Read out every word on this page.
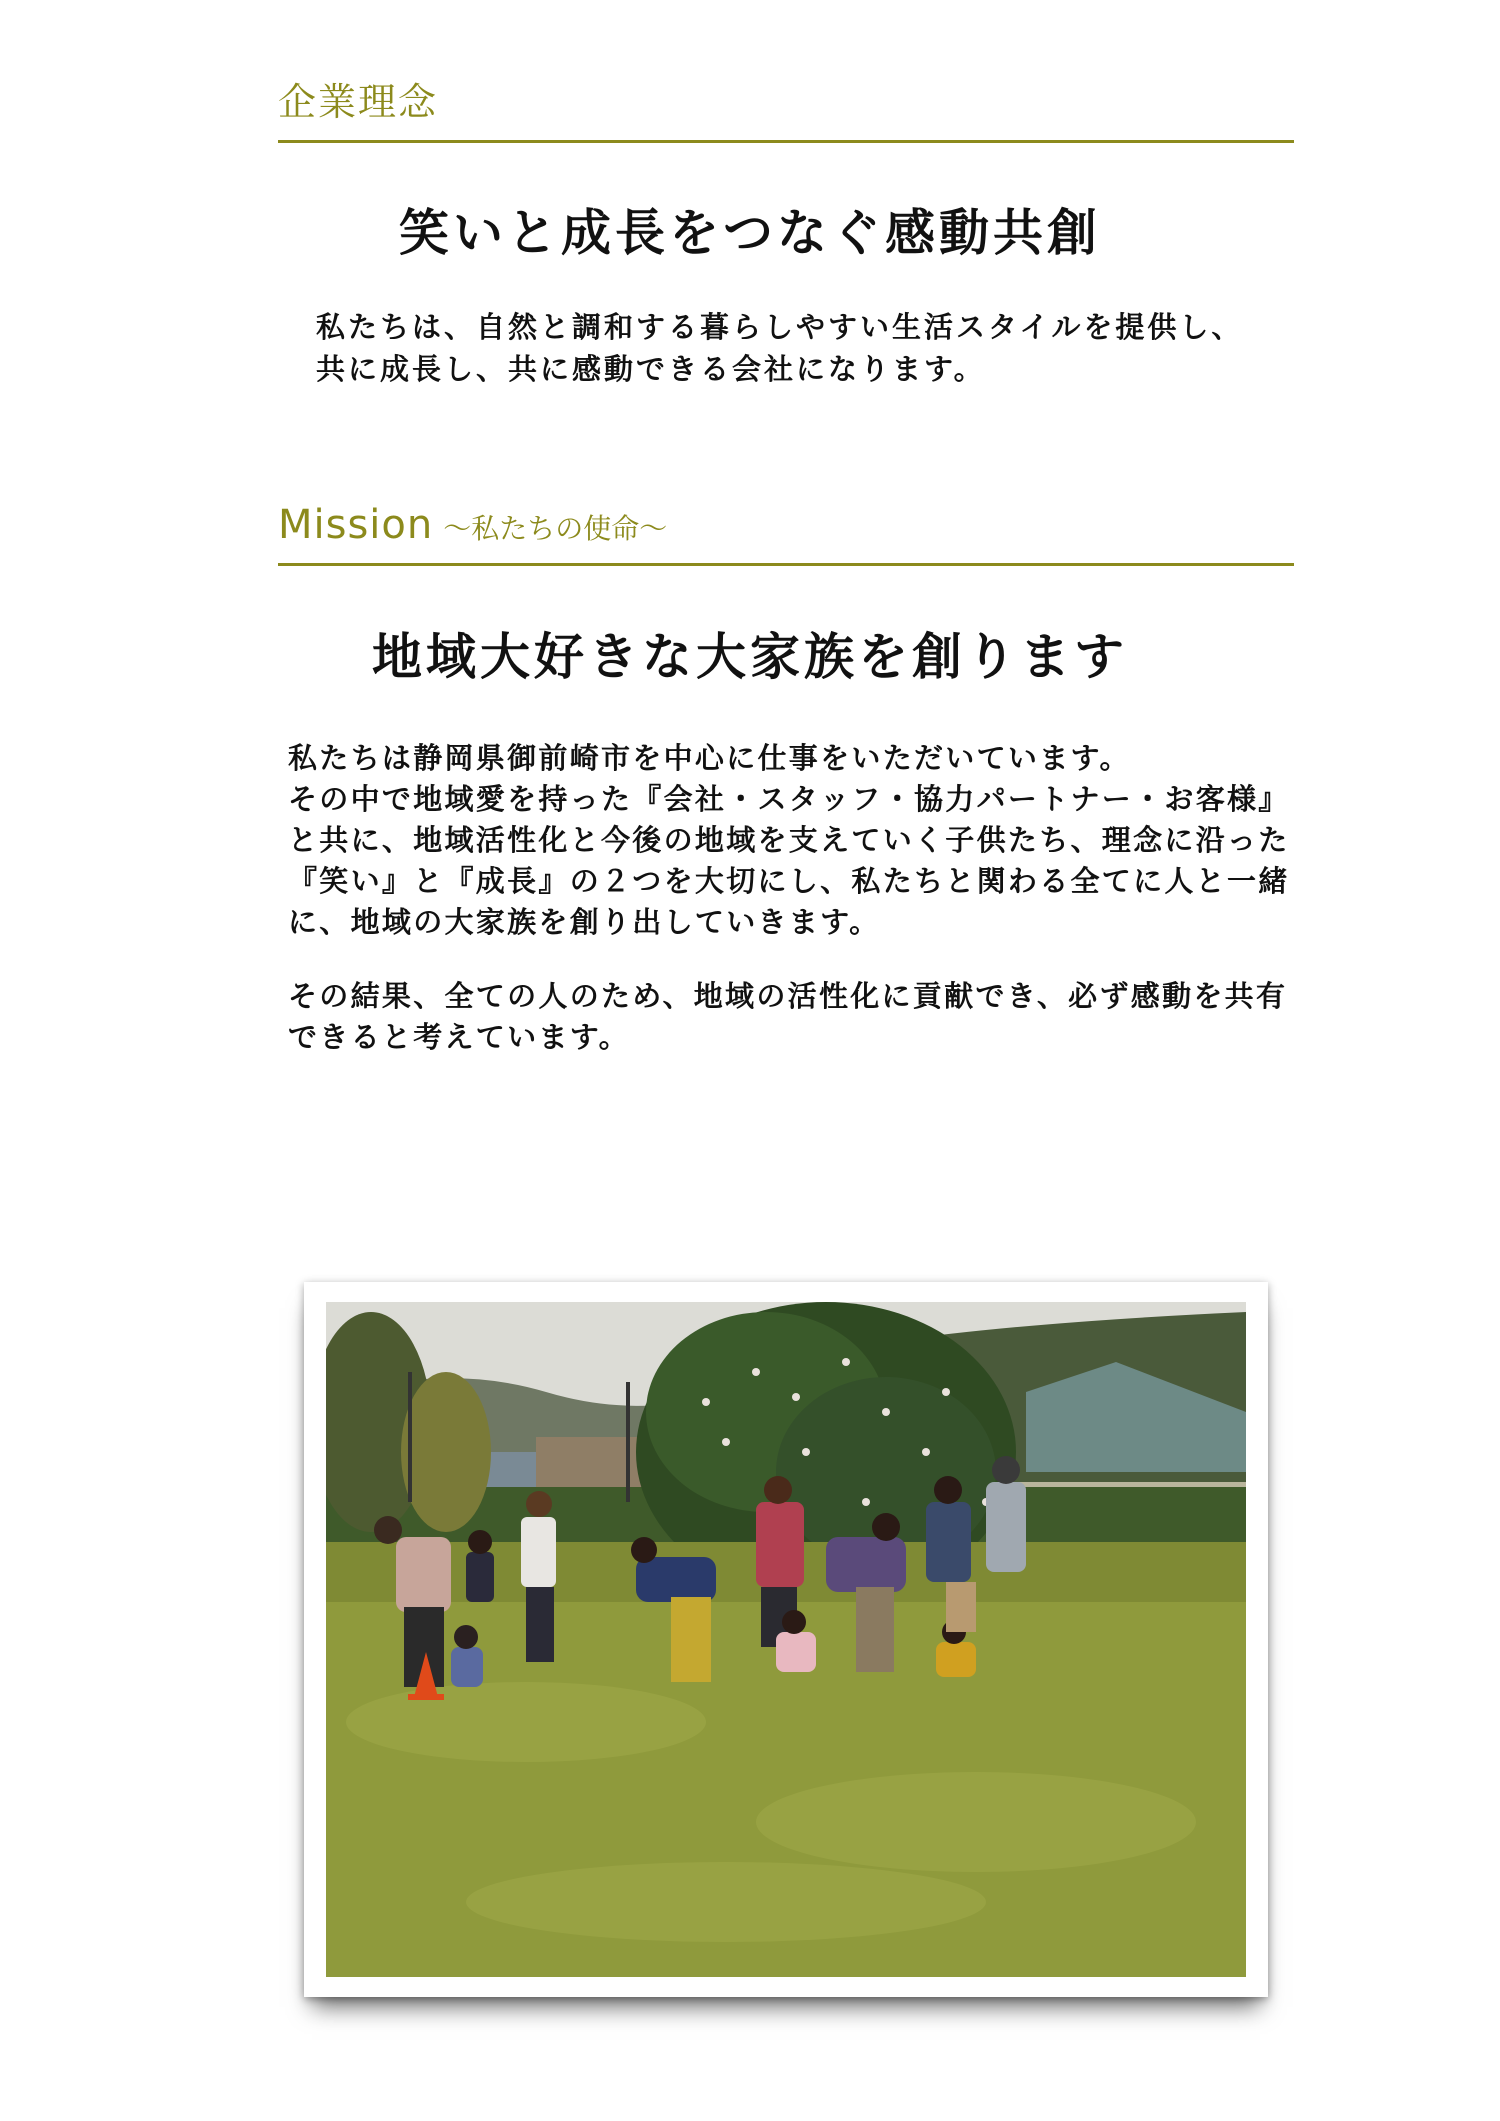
企業理念
笑いと成長をつなぐ感動共創
私たちは、自然と調和する暮らしやすい生活スタイルを提供し、
共に成長し、共に感動できる会社になります。
Mission 〜私たちの使命〜
地域大好きな大家族を創ります
私たちは静岡県御前崎市を中心に仕事をいただいています。
その中で地域愛を持った『会社・スタッフ・協力パートナー・お客様』
と共に、地域活性化と今後の地域を支えていく子供たち、理念に沿った
『笑い』と『成長』の２つを大切にし、私たちと関わる全てに人と一緒
に、地域の大家族を創り出していきます。
その結果、全ての人のため、地域の活性化に貢献でき、必ず感動を共有
できると考えています。
